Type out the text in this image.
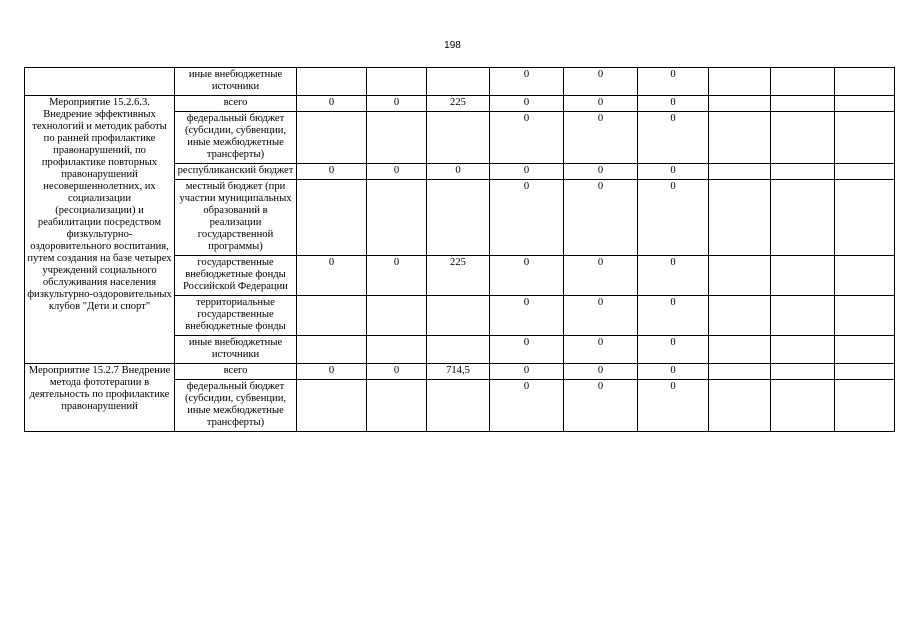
198
	иные внебюджетные источники				0	0	0			
Мероприятие 15.2.6.3. Внедрение эффективных технологий и методик работы по ранней профилактике правонарушений, по профилактике повторных правонарушений несовершеннолетних, их социализации (ресоциализации) и реабилитации посредством физкультурно-оздоровительного воспитания, путем создания на базе четырех учреждений социального обслуживания населения физкультурно-оздоровительных клубов "Дети и спорт"	всего	0	0	225	0	0	0			
	федеральный бюджет (субсидии, субвенции, иные межбюджетные трансферты)				0	0	0			
	республиканский бюджет	0	0	0	0	0	0			
	местный бюджет (при участии муниципальных образований в реализации государственной программы)				0	0	0			
	государственные внебюджетные фонды Российской Федерации	0	0	225	0	0	0			
	территориальные государственные внебюджетные фонды				0	0	0			
	иные внебюджетные источники				0	0	0			
Мероприятие 15.2.7 Внедрение метода фототерапии в деятельность по профилактике правонарушений	всего	0	0	714,5	0	0	0			
	федеральный бюджет (субсидии, субвенции, иные межбюджетные трансферты)				0	0	0			
